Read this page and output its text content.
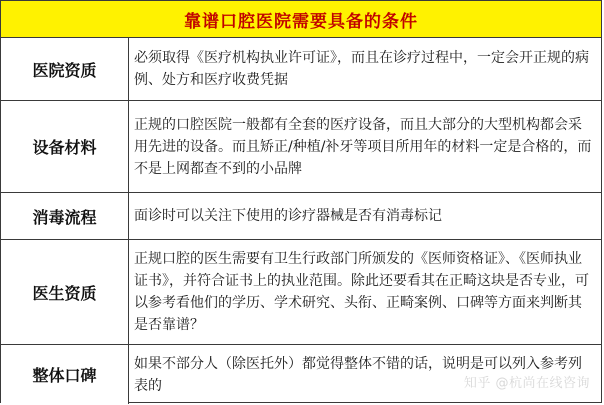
靠谱口腔医院需要具备的条件
医院资质
必须取得《医疗机构执业许可证》，而且在诊疗过程中，一定会开正规的病例、处方和医疗收费凭据
设备材料
正规的口腔医院一般都有全套的医疗设备，而且大部分的大型机构都会采用先进的设备。而且矫正/种植/补牙等项目所用年的材料一定是合格的，而不是上网都查不到的小品牌
消毒流程	面诊时可以关注下使用的诊疗器械是否有消毒标记
医生资质
正规口腔的医生需要有卫生行政部门所颁发的《医师资格证》、《医师执业证书》，并符合证书上的执业范围。除此还要看其在正畸这块是否专业，可以参考看他们的学历、学术研究、头衔、正畸案例、口碑等方面来判断其是否靠谱？
整体口碑
如果不部分人（除医托外）都觉得整体不错的话，说明是可以列入参考列表的	知乎 @杭尚在线咨询
